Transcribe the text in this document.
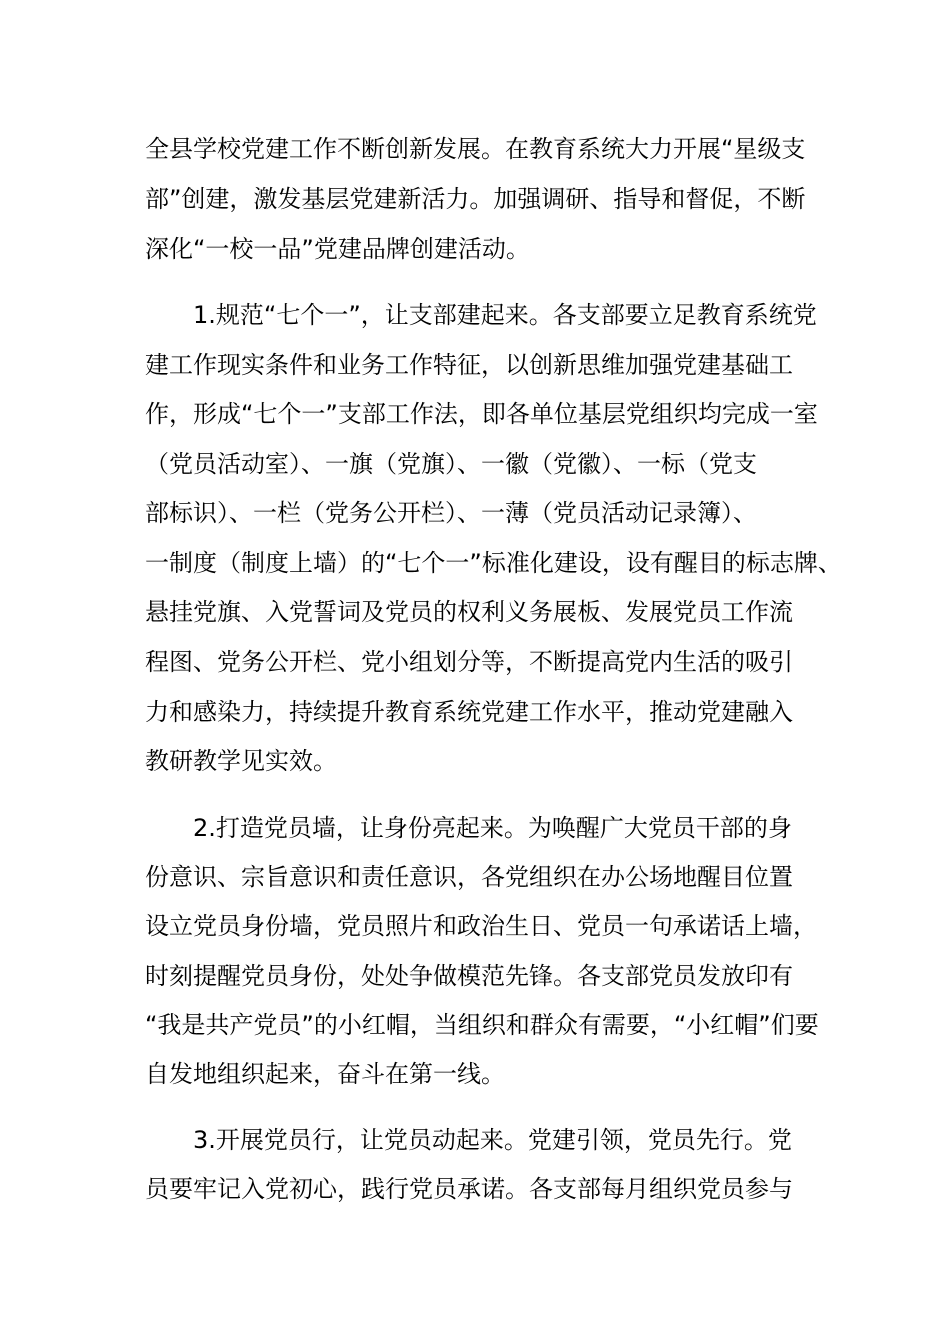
全县学校党建工作不断创新发展。在教育系统大力开展“星级支
部”创建，激发基层党建新活力。加强调研、指导和督促，不断
深化“一校一品”党建品牌创建活动。
1.规范“七个一”，让支部建起来。各支部要立足教育系统党
建工作现实条件和业务工作特征，以创新思维加强党建基础工
作，形成“七个一”支部工作法，即各单位基层党组织均完成一室
（党员活动室）、一旗（党旗）、一徽（党徽）、一标（党支
部标识）、一栏（党务公开栏）、一薄（党员活动记录簿）、
一制度（制度上墙）的“七个一”标准化建设，设有醒目的标志牌、
悬挂党旗、入党誓词及党员的权利义务展板、发展党员工作流
程图、党务公开栏、党小组划分等，不断提高党内生活的吸引
力和感染力，持续提升教育系统党建工作水平，推动党建融入
教研教学见实效。
2.打造党员墙，让身份亮起来。为唤醒广大党员干部的身
份意识、宗旨意识和责任意识，各党组织在办公场地醒目位置
设立党员身份墙，党员照片和政治生日、党员一句承诺话上墙，
时刻提醒党员身份，处处争做模范先锋。各支部党员发放印有
“我是共产党员”的小红帽，当组织和群众有需要，“小红帽”们要
自发地组织起来，奋斗在第一线。
3.开展党员行，让党员动起来。党建引领，党员先行。党
员要牢记入党初心，践行党员承诺。各支部每月组织党员参与
